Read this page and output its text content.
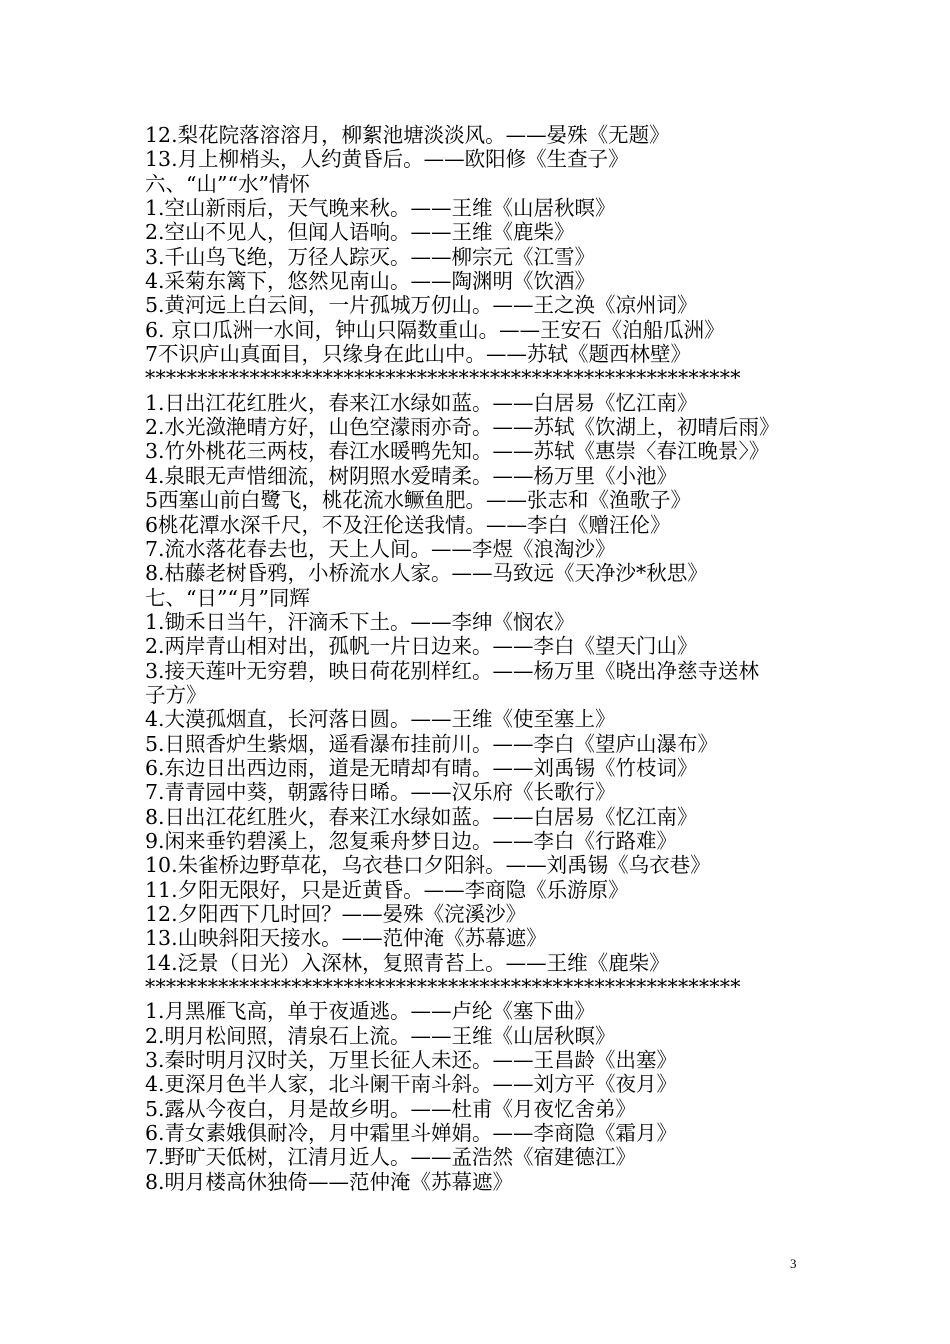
12.梨花院落溶溶月，柳絮池塘淡淡风。——晏殊《无题》
13.月上柳梢头，人约黄昏后。——欧阳修《生查子》
六、“山”“水”情怀
1.空山新雨后，天气晚来秋。——王维《山居秋暝》
2.空山不见人，但闻人语响。——王维《鹿柴》
3.千山鸟飞绝，万径人踪灭。——柳宗元《江雪》
4.采菊东篱下，悠然见南山。——陶渊明《饮酒》
5.黄河远上白云间，一片孤城万仞山。——王之涣《凉州词》
6. 京口瓜洲一水间，钟山只隔数重山。——王安石《泊船瓜洲》
7不识庐山真面目，只缘身在此山中。——苏轼《题西林壁》
*********************************************************
1.日出江花红胜火，春来江水绿如蓝。——白居易《忆江南》
2.水光潋滟晴方好，山色空濛雨亦奇。——苏轼《饮湖上，初晴后雨》
3.竹外桃花三两枝，春江水暖鸭先知。——苏轼《惠崇〈春江晚景〉》
4.泉眼无声惜细流，树阴照水爱晴柔。——杨万里《小池》
5西塞山前白鹭飞，桃花流水鳜鱼肥。——张志和《渔歌子》
6桃花潭水深千尺，不及汪伦送我情。——李白《赠汪伦》
7.流水落花春去也，天上人间。——李煜《浪淘沙》
8.枯藤老树昏鸦，小桥流水人家。——马致远《天净沙*秋思》
七、“日”“月”同辉
1.锄禾日当午，汗滴禾下土。——李绅《悯农》
2.两岸青山相对出，孤帆一片日边来。——李白《望天门山》
3.接天莲叶无穷碧，映日荷花别样红。——杨万里《晓出净慈寺送林
子方》
4.大漠孤烟直，长河落日圆。——王维《使至塞上》
5.日照香炉生紫烟，遥看瀑布挂前川。——李白《望庐山瀑布》
6.东边日出西边雨，道是无晴却有晴。——刘禹锡《竹枝词》
7.青青园中葵，朝露待日晞。——汉乐府《长歌行》
8.日出江花红胜火，春来江水绿如蓝。——白居易《忆江南》
9.闲来垂钓碧溪上，忽复乘舟梦日边。——李白《行路难》
10.朱雀桥边野草花，乌衣巷口夕阳斜。——刘禹锡《乌衣巷》
11.夕阳无限好，只是近黄昏。——李商隐《乐游原》
12.夕阳西下几时回？——晏殊《浣溪沙》
13.山映斜阳天接水。——范仲淹《苏幕遮》
14.泛景（日光）入深林，复照青苔上。——王维《鹿柴》
*********************************************************
1.月黑雁飞高，单于夜遁逃。——卢纶《塞下曲》
2.明月松间照，清泉石上流。——王维《山居秋暝》
3.秦时明月汉时关，万里长征人未还。——王昌龄《出塞》
4.更深月色半人家，北斗阑干南斗斜。——刘方平《夜月》
5.露从今夜白，月是故乡明。——杜甫《月夜忆舍弟》
6.青女素娥俱耐冷，月中霜里斗婵娟。——李商隐《霜月》
7.野旷天低树，江清月近人。——孟浩然《宿建德江》
8.明月楼高休独倚——范仲淹《苏幕遮》
3
